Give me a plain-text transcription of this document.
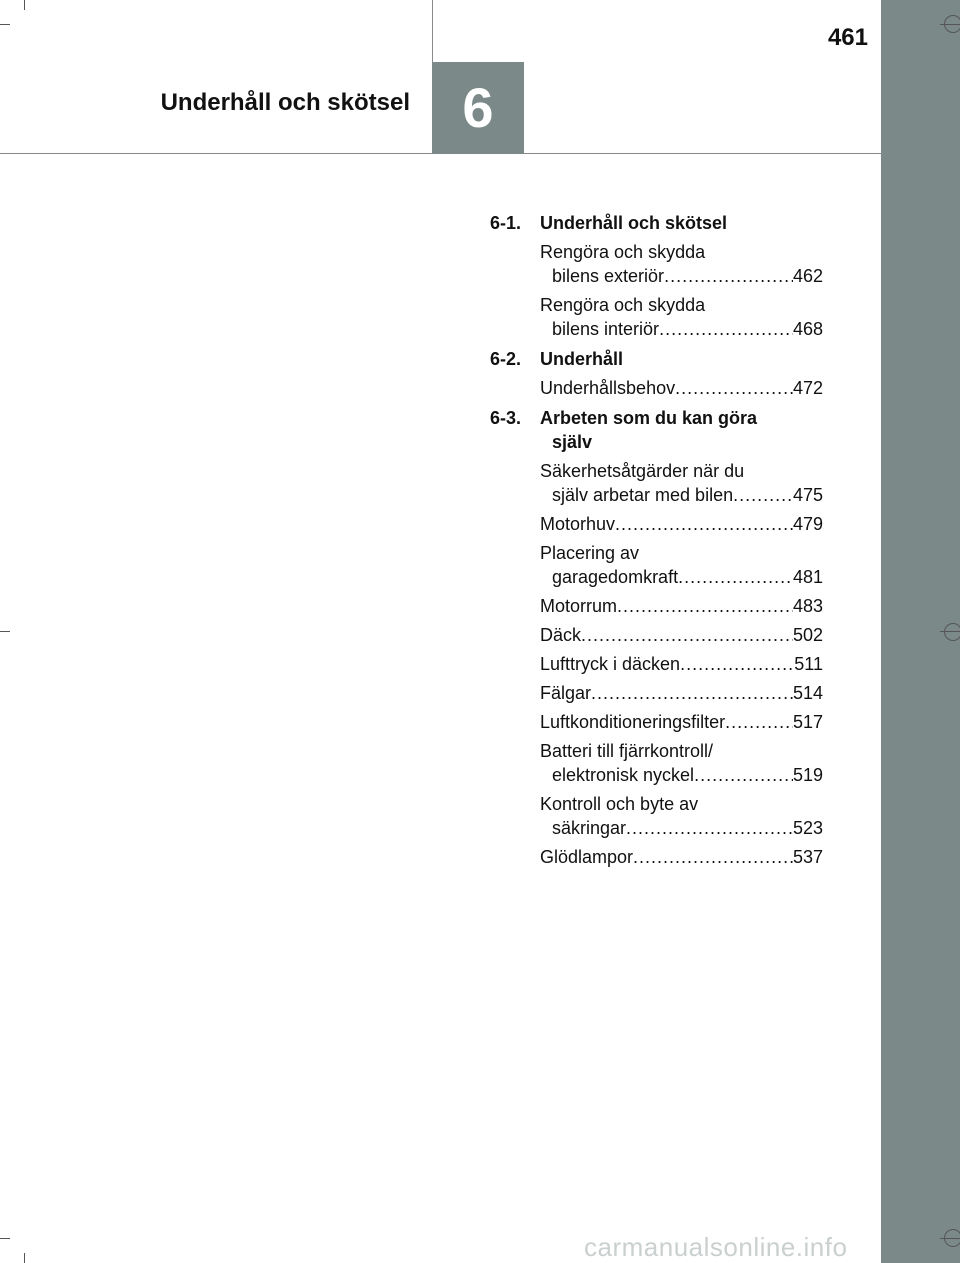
461
Underhåll och skötsel 6
6-1. Underhåll och skötsel
Rengöra och skydda
bilens exteriör .....	462
Rengöra och skydda
bilens interiör .....	468
6-2. Underhåll
Underhållsbehov .....	472
6-3. Arbeten som du kan göra
själv
Säkerhetsåtgärder när du
själv arbetar med bilen .....	475
Motorhuv .....	479
Placering av
garagedomkraft .....	481
Motorrum .....	483
Däck .....	502
Lufttryck i däcken .....	511
Fälgar .....	514
Luftkonditioneringsfilter .....	517
Batteri till fjärrkontroll/
elektronisk nyckel .....	519
Kontroll och byte av
säkringar .....	523
Glödlampor .....	537
carmanualsonline.info
